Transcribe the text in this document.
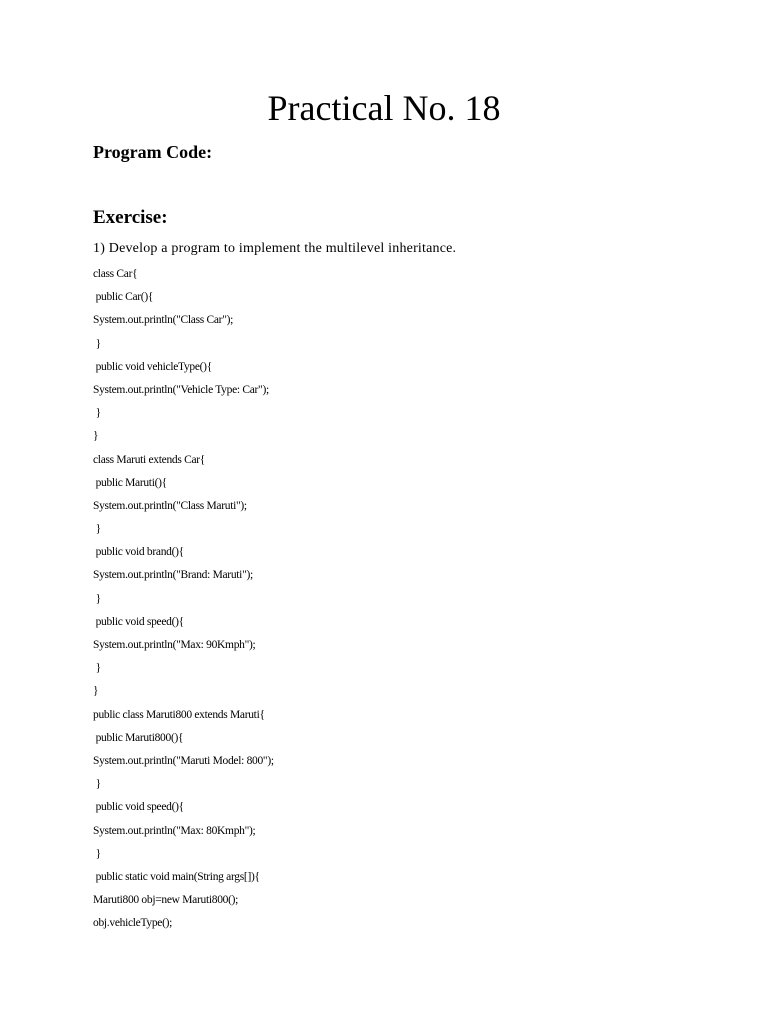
Practical No. 18
Program Code:
Exercise:

1) Develop a program to implement the multilevel inheritance.

class Car{
public Car(){
System.out.println("Class Car");
}
public void vehicleType(){
System.out.println("Vehicle Type: Car");
}
}
class Maruti extends Car{
public Maruti(){
System.out.println("Class Maruti");
}
public void brand(){
System.out.println("Brand: Maruti");
}
public void speed(){
System.out.println("Max: 90Kmph");
}
}
public class Maruti800 extends Maruti{
public Maruti800(){
System.out.println("Maruti Model: 800");
}
public void speed(){
System.out.println("Max: 80Kmph");
}
public static void main(String args[]){
Maruti800 obj=new Maruti800();
obj.vehicleType();
